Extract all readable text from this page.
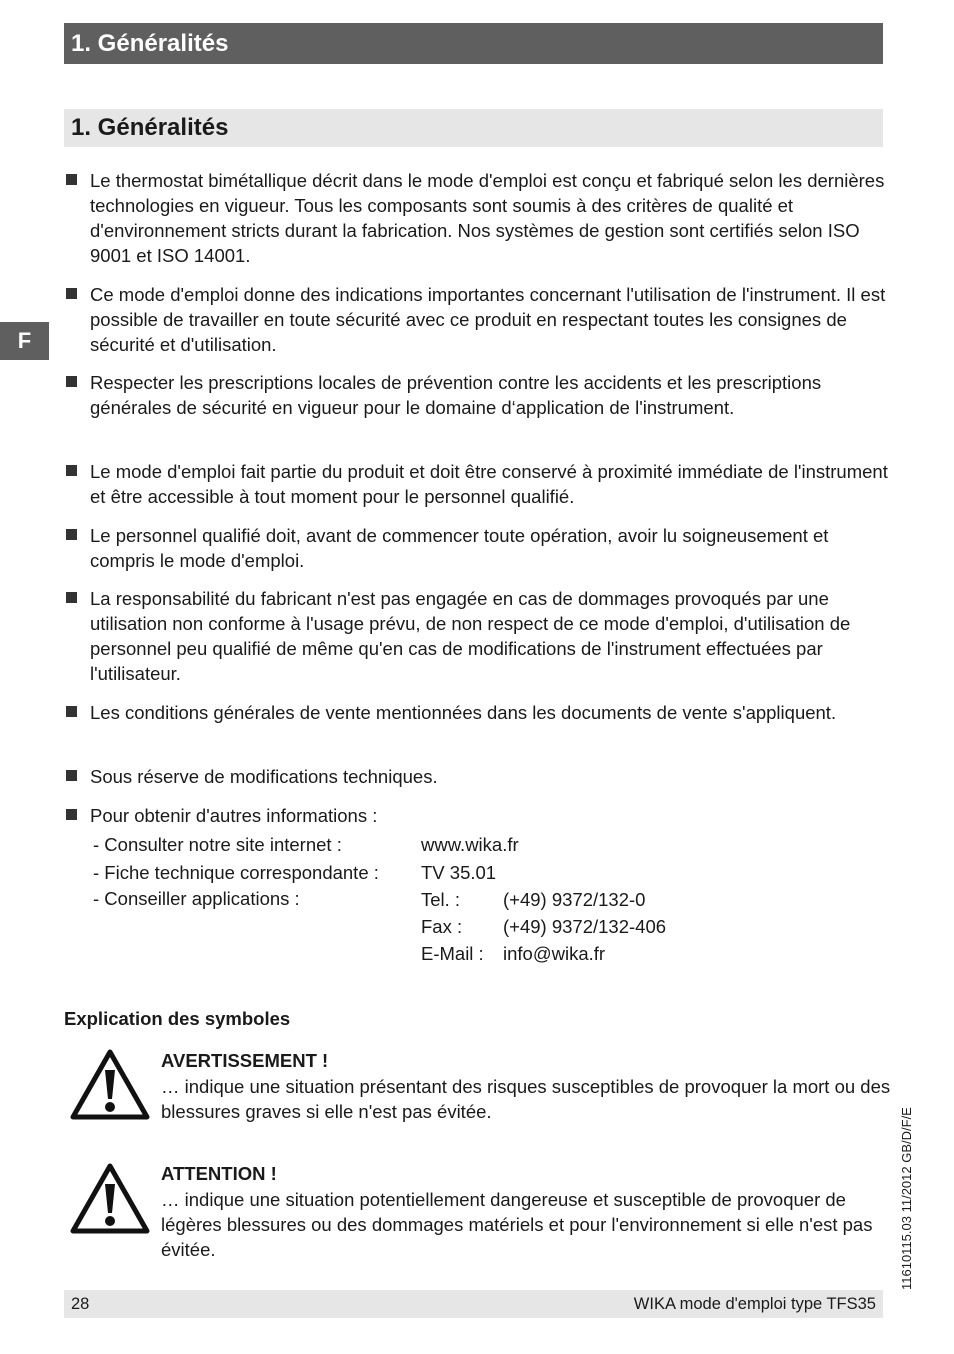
1. Généralités
1. Généralités
F

Le thermostat bimétallique décrit dans le mode d'emploi est conçu et fabriqué selon les dernières technologies en vigueur. Tous les composants sont soumis à des critères de qualité et d'environnement stricts durant la fabrication. Nos systèmes de gestion sont certifiés selon ISO 9001 et ISO 14001.

Ce mode d'emploi donne des indications importantes concernant l'utilisation de l'instrument. Il est possible de travailler en toute sécurité avec ce produit en respectant toutes les consignes de sécurité et d'utilisation.

Respecter les prescriptions locales de prévention contre les accidents et les prescriptions générales de sécurité en vigueur pour le domaine d‘application de l'instrument.

Le mode d'emploi fait partie du produit et doit être conservé à proximité immédiate de l'instrument et être accessible à tout moment pour le personnel qualifié.

Le personnel qualifié doit, avant de commencer toute opération, avoir lu soigneusement et compris le mode d'emploi.

La responsabilité du fabricant n'est pas engagée en cas de dommages provoqués par une utilisation non conforme à l'usage prévu, de non respect de ce mode d'emploi, d'utilisation de personnel peu qualifié de même qu'en cas de modifications de l'instrument effectuées par l'utilisateur.

Les conditions générales de vente mentionnées dans les documents de vente s'appliquent.

Sous réserve de modifications techniques.

Pour obtenir d'autres informations :

- Consulter notre site internet :	www.wika.fr
- Fiche technique correspondante : TV 35.01
- Conseiller applications :	Tel. : (+49) 9372/132-0
Fax : (+49) 9372/132-406
E-Mail : info@wika.fr
Explication des symboles
AVERTISSEMENT !

… indique une situation présentant des risques susceptibles de provoquer la mort ou des blessures graves si elle n'est pas évitée.

ATTENTION !

… indique une situation potentiellement dangereuse et susceptible de provoquer de légères blessures ou des dommages matériels et pour l'environnement si elle n'est pas évitée.	11610115.03 11/2012 GB/D/F/E
28	WIKA mode d'emploi type TFS35
